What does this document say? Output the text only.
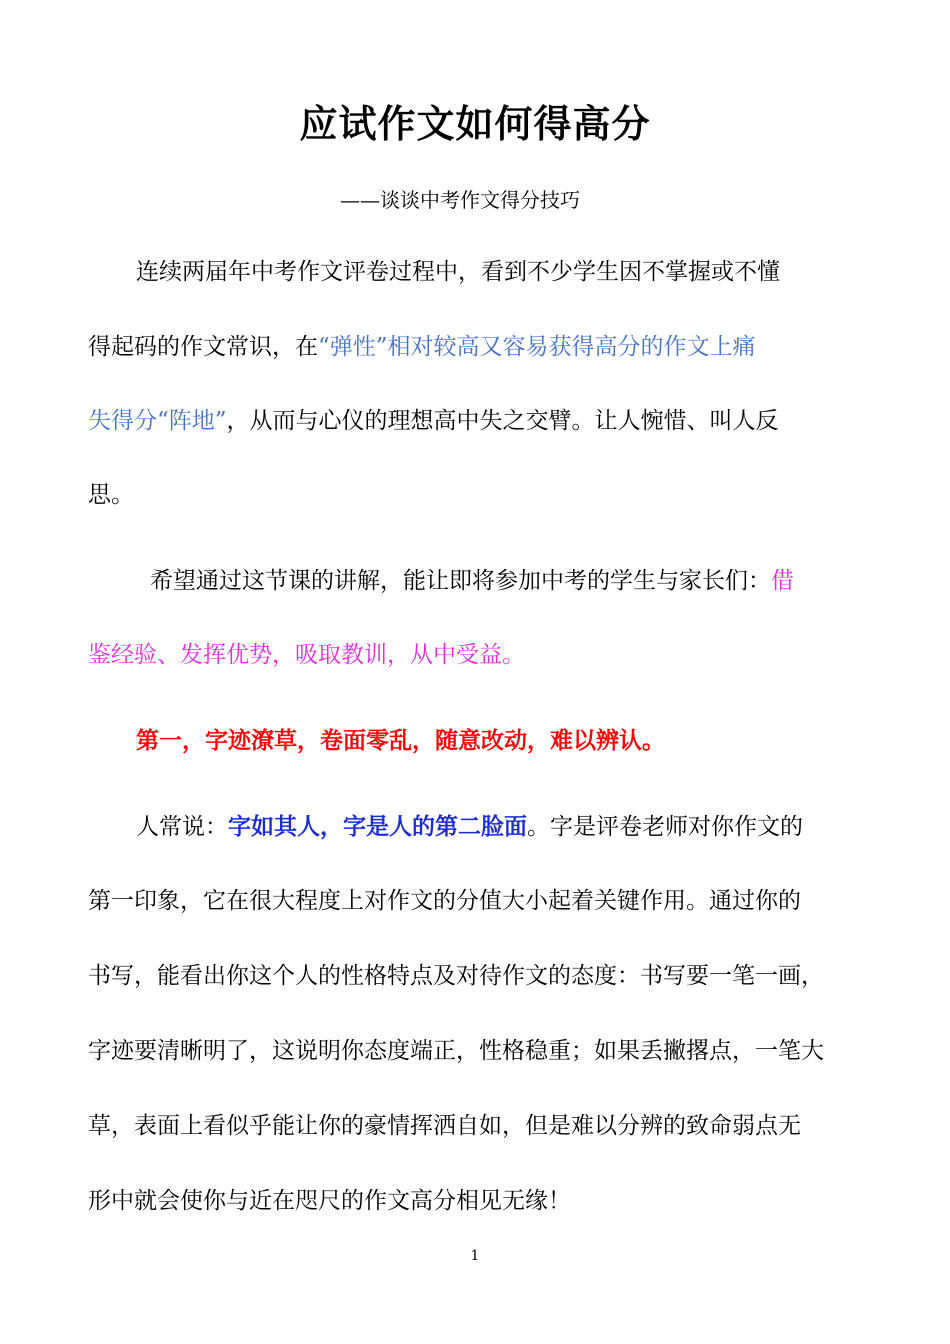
应试作文如何得高分
——谈谈中考作文得分技巧
连续两届年中考作文评卷过程中，看到不少学生因不掌握或不懂
得起码的作文常识，在“弹性”相对较高又容易获得高分的作文上痛
失得分“阵地”，从而与心仪的理想高中失之交臂。让人惋惜、叫人反
思。
希望通过这节课的讲解，能让即将参加中考的学生与家长们：借
鉴经验、发挥优势，吸取教训，从中受益。
第一，字迹潦草，卷面零乱，随意改动，难以辨认。
人常说：字如其人，字是人的第二脸面。字是评卷老师对你作文的
第一印象，它在很大程度上对作文的分值大小起着关键作用。通过你的
书写，能看出你这个人的性格特点及对待作文的态度：书写要一笔一画，
字迹要清晰明了，这说明你态度端正，性格稳重；如果丢撇撂点，一笔大
草，表面上看似乎能让你的豪情挥洒自如，但是难以分辨的致命弱点无
形中就会使你与近在咫尺的作文高分相见无缘！
1
